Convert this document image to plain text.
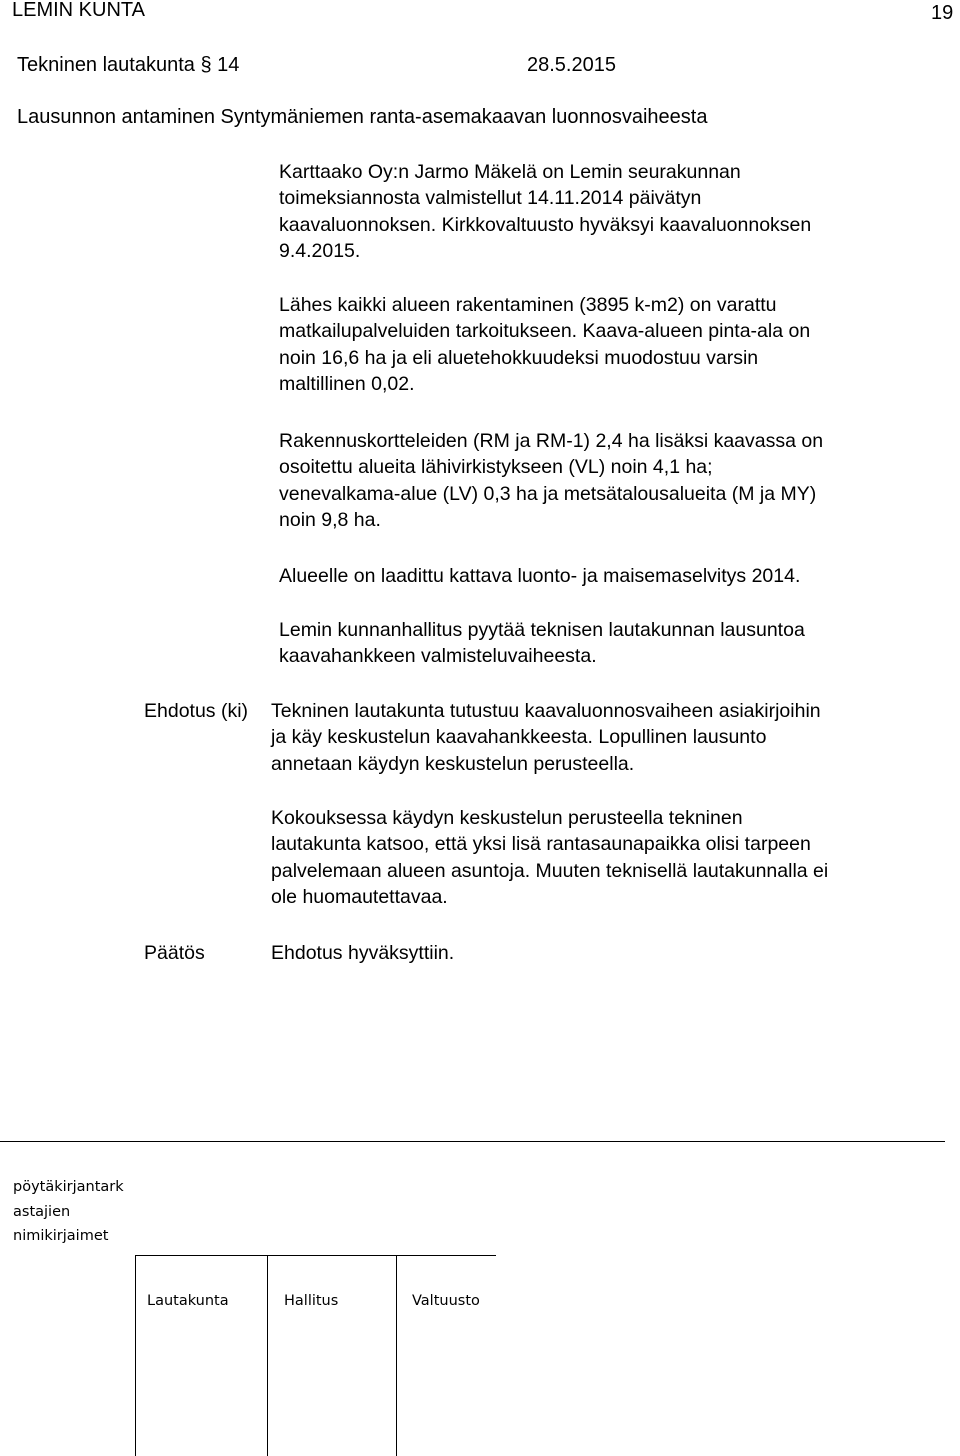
LEMIN KUNTA	19
Tekninen lautakunta § 14	28.5.2015
Lausunnon antaminen Syntymäniemen ranta-asemakaavan luonnosvaiheesta
Karttaako Oy:n Jarmo Mäkelä on Lemin seurakunnan
toimeksiannosta valmistellut 14.11.2014 päivätyn
kaavaluonnoksen. Kirkkovaltuusto hyväksyi kaavaluonnoksen
9.4.2015.
Lähes kaikki alueen rakentaminen (3895 k-m2) on varattu
matkailupalveluiden tarkoitukseen. Kaava-alueen pinta-ala on
noin 16,6 ha ja eli aluetehokkuudeksi muodostuu varsin
maltillinen 0,02.
Rakennuskortteleiden (RM ja RM-1) 2,4 ha lisäksi kaavassa on
osoitettu alueita lähivirkistykseen (VL) noin 4,1 ha;
venevalkama-alue (LV) 0,3 ha ja metsätalousalueita (M ja MY)
noin 9,8 ha.
Alueelle on laadittu kattava luonto- ja maisemaselvitys 2014.
Lemin kunnanhallitus pyytää teknisen lautakunnan lausuntoa
kaavahankkeen valmisteluvaiheesta.
Ehdotus (ki) Tekninen lautakunta tutustuu kaavaluonnosvaiheen asiakirjoihin
ja käy keskustelun kaavahankkeesta. Lopullinen lausunto
annetaan käydyn keskustelun perusteella.
Kokouksessa käydyn keskustelun perusteella tekninen
lautakunta katsoo, että yksi lisä rantasaunapaikka olisi tarpeen
palvelemaan alueen asuntoja. Muuten teknisellä lautakunnalla ei
ole huomautettavaa.
Päätös	Ehdotus hyväksyttiin.
pöytäkirjantark
astajien
nimikirjaimet
Lautakunta	Hallitus	Valtuusto
